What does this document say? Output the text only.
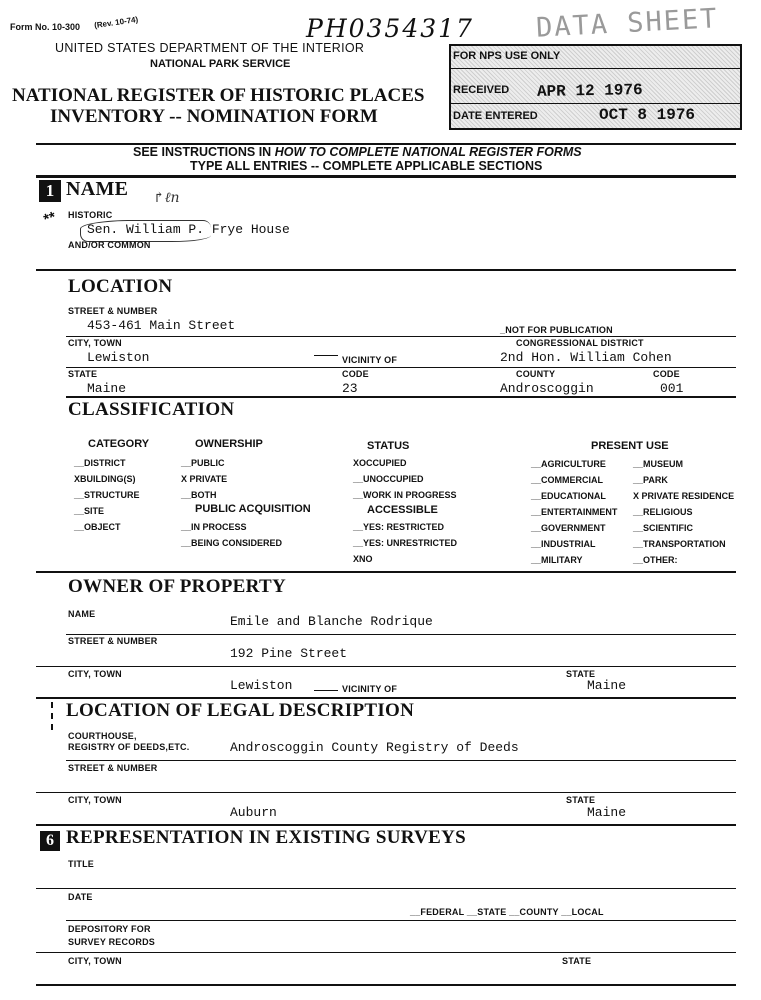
Form No. 10-300 (Rev. 10-74)	PH0354317 DATA SHEET
UNITED STATES DEPARTMENT OF THE INTERIOR
NATIONAL PARK SERVICE
NATIONAL REGISTER OF HISTORIC PLACES
INVENTORY -- NOMINATION FORM
FOR NPS USE ONLY
RECEIVED APR 12 1976
DATE ENTERED	OCT 8 1976
SEE INSTRUCTIONS IN HOW TO COMPLETE NATIONAL REGISTER FORMS
TYPE ALL ENTRIES -- COMPLETE APPLICABLE SECTIONS
1 NAME ↱ℓn
** HISTORIC
Sen. William P. Frye House
AND/OR COMMON
LOCATION
STREET & NUMBER
453-461 Main Street	_NOT FOR PUBLICATION
CITY, TOWN	CONGRESSIONAL DISTRICT
Lewiston	VICINITY OF	2nd Hon. William Cohen
STATE	CODE	COUNTY	CODE
Maine	23	Androscoggin	001
CLASSIFICATION
CATEGORY
__DISTRICT
XBUILDING(S)
__STRUCTURE
__SITE
__OBJECT
OWNERSHIP
__PUBLIC
X PRIVATE
__BOTH
PUBLIC ACQUISITION
__IN PROCESS
__BEING CONSIDERED
STATUS
XOCCUPIED
__UNOCCUPIED
__WORK IN PROGRESS
ACCESSIBLE
__YES: RESTRICTED
__YES: UNRESTRICTED
XNO
PRESENT USE
__AGRICULTURE
__COMMERCIAL
__EDUCATIONAL
__ENTERTAINMENT
__GOVERNMENT
__INDUSTRIAL
__MILITARY
__MUSEUM
__PARK
X PRIVATE RESIDENCE
__RELIGIOUS
__SCIENTIFIC
__TRANSPORTATION
__OTHER:
OWNER OF PROPERTY
NAME	Emile and Blanche Rodrique
STREET & NUMBER
192 Pine Street
CITY, TOWN	STATE
Lewiston	VICINITY OF	Maine
LOCATION OF LEGAL DESCRIPTION
COURTHOUSE,
REGISTRY OF DEEDS,ETC.	Androscoggin County Registry of Deeds
STREET & NUMBER
CITY, TOWN	STATE
Auburn	Maine
6 REPRESENTATION IN EXISTING SURVEYS
TITLE
DATE
__FEDERAL __STATE __COUNTY __LOCAL
DEPOSITORY FOR
SURVEY RECORDS
CITY, TOWN	STATE
